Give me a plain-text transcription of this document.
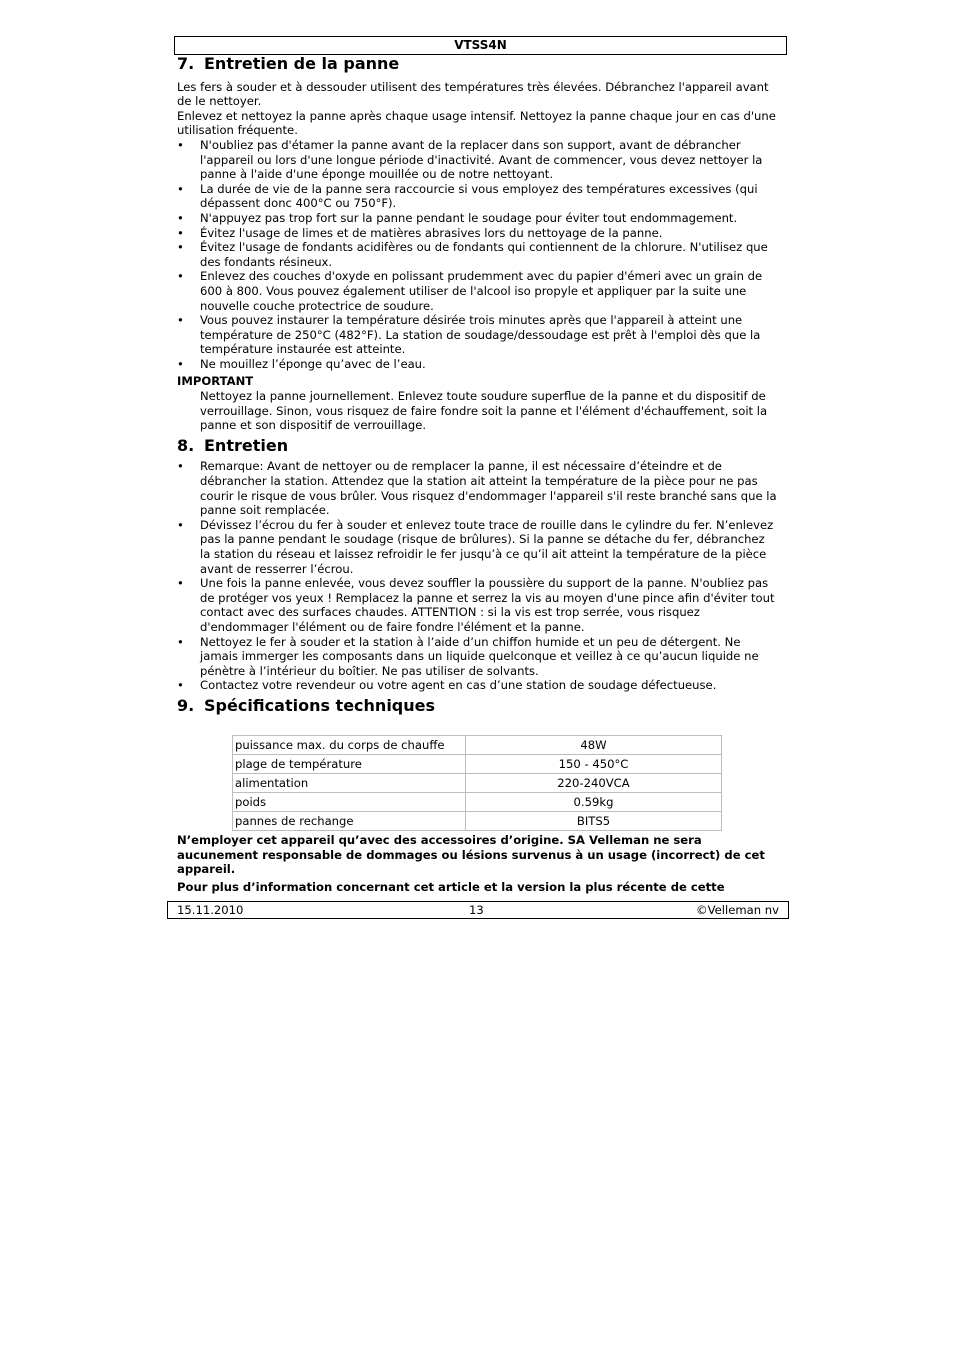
VTSS4N
7. Entretien de la panne

Les fers à souder et à dessouder utilisent des températures très élevées. Débranchez l'appareil avant de le nettoyer.

Enlevez et nettoyez la panne après chaque usage intensif. Nettoyez la panne chaque jour en cas d'une utilisation fréquente.

• N'oubliez pas d'étamer la panne avant de la replacer dans son support, avant de débrancher l'appareil ou lors d'une longue période d'inactivité. Avant de commencer, vous devez nettoyer la panne à l'aide d'une éponge mouillée ou de notre nettoyant.
• La durée de vie de la panne sera raccourcie si vous employez des températures excessives (qui dépassent donc 400°C ou 750°F).
• N'appuyez pas trop fort sur la panne pendant le soudage pour éviter tout endommagement.
• Évitez l'usage de limes et de matières abrasives lors du nettoyage de la panne.
• Évitez l'usage de fondants acidifères ou de fondants qui contiennent de la chlorure. N'utilisez que des fondants résineux.
• Enlevez des couches d'oxyde en polissant prudemment avec du papier d'émeri avec un grain de 600 à 800. Vous pouvez également utiliser de l'alcool iso propyle et appliquer par la suite une nouvelle couche protectrice de soudure.
• Vous pouvez instaurer la température désirée trois minutes après que l'appareil à atteint une température de 250°C (482°F). La station de soudage/dessoudage est prêt à l'emploi dès que la température instaurée est atteinte.
• Ne mouillez l’éponge qu’avec de l’eau.

IMPORTANT

Nettoyez la panne journellement. Enlevez toute soudure superflue de la panne et du dispositif de verrouillage. Sinon, vous risquez de faire fondre soit la panne et l'élément d'échauffement, soit la panne et son dispositif de verrouillage.

8. Entretien
• Remarque: Avant de nettoyer ou de remplacer la panne, il est nécessaire d’éteindre et de débrancher la station. Attendez que la station ait atteint la température de la pièce pour ne pas courir le risque de vous brûler. Vous risquez d'endommager l'appareil s'il reste branché sans que la panne soit remplacée.
• Dévissez l’écrou du fer à souder et enlevez toute trace de rouille dans le cylindre du fer. N’enlevez pas la panne pendant le soudage (risque de brûlures). Si la panne se détache du fer, débranchez la station du réseau et laissez refroidir le fer jusqu’à ce qu’il ait atteint la température de la pièce avant de resserrer l’écrou.
• Une fois la panne enlevée, vous devez souffler la poussière du support de la panne. N'oubliez pas de protéger vos yeux ! Remplacez la panne et serrez la vis au moyen d'une pince afin d'éviter tout contact avec des surfaces chaudes. ATTENTION : si la vis est trop serrée, vous risquez d'endommager l'élément ou de faire fondre l'élément et la panne.
• Nettoyez le fer à souder et la station à l’aide d’un chiffon humide et un peu de détergent. Ne jamais immerger les composants dans un liquide quelconque et veillez à ce qu’aucun liquide ne pénètre à l’intérieur du boîtier. Ne pas utiliser de solvants.
• Contactez votre revendeur ou votre agent en cas d’une station de soudage défectueuse.
9. Spécifications techniques
puissance max. du corps de chauffe	48W
plage de température	150 - 450°C
alimentation	220-240VCA
poids	0.59kg
pannes de rechange	BITS5

N’employer cet appareil qu’avec des accessoires d’origine. SA Velleman ne sera aucunement responsable de dommages ou lésions survenus à un usage (incorrect) de cet appareil.

Pour plus d’information concernant cet article et la version la plus récente de cette

15.11.2010	13	©Velleman nv
